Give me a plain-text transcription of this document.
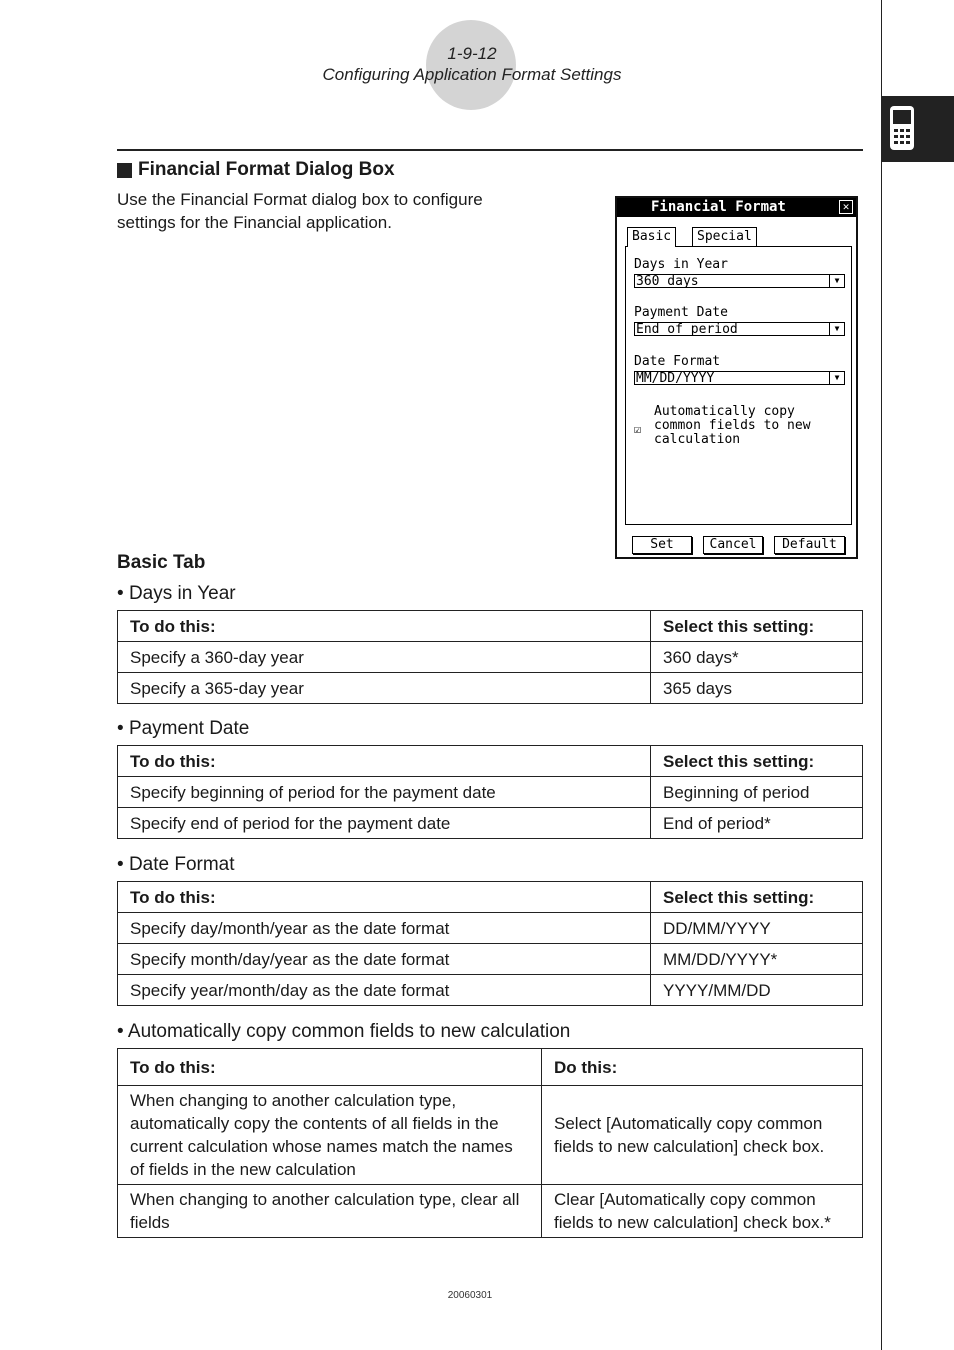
1-9-12
Configuring Application Format Settings
Financial Format Dialog Box
Use the Financial Format dialog box to configure settings for the Financial application.
Financial Format	✕
Basic	Special
Days in Year
360 days	▼
Payment Date
End of period	▼
Date Format
MM/DD/YYYY	▼
☑
Automatically copy
common fields to new
calculation
Set	Cancel	Default
Basic Tab
• Days in Year
To do this:	Select this setting:
Specify a 360-day year	360 days*
Specify a 365-day year	365 days
• Payment Date
To do this:	Select this setting:
Specify beginning of period for the payment date	Beginning of period
Specify end of period for the payment date	End of period*
• Date Format
To do this:	Select this setting:
Specify day/month/year as the date format	DD/MM/YYYY
Specify month/day/year as the date format	MM/DD/YYYY*
Specify year/month/day as the date format	YYYY/MM/DD
• Automatically copy common fields to new calculation
To do this:	Do this:
When changing to another calculation type, automatically copy the contents of all fields in the current calculation whose names match the names of fields in the new calculation	Select [Automatically copy common fields to new calculation] check box.
When changing to another calculation type, clear all fields	Clear [Automatically copy common fields to new calculation] check box.*
20060301
